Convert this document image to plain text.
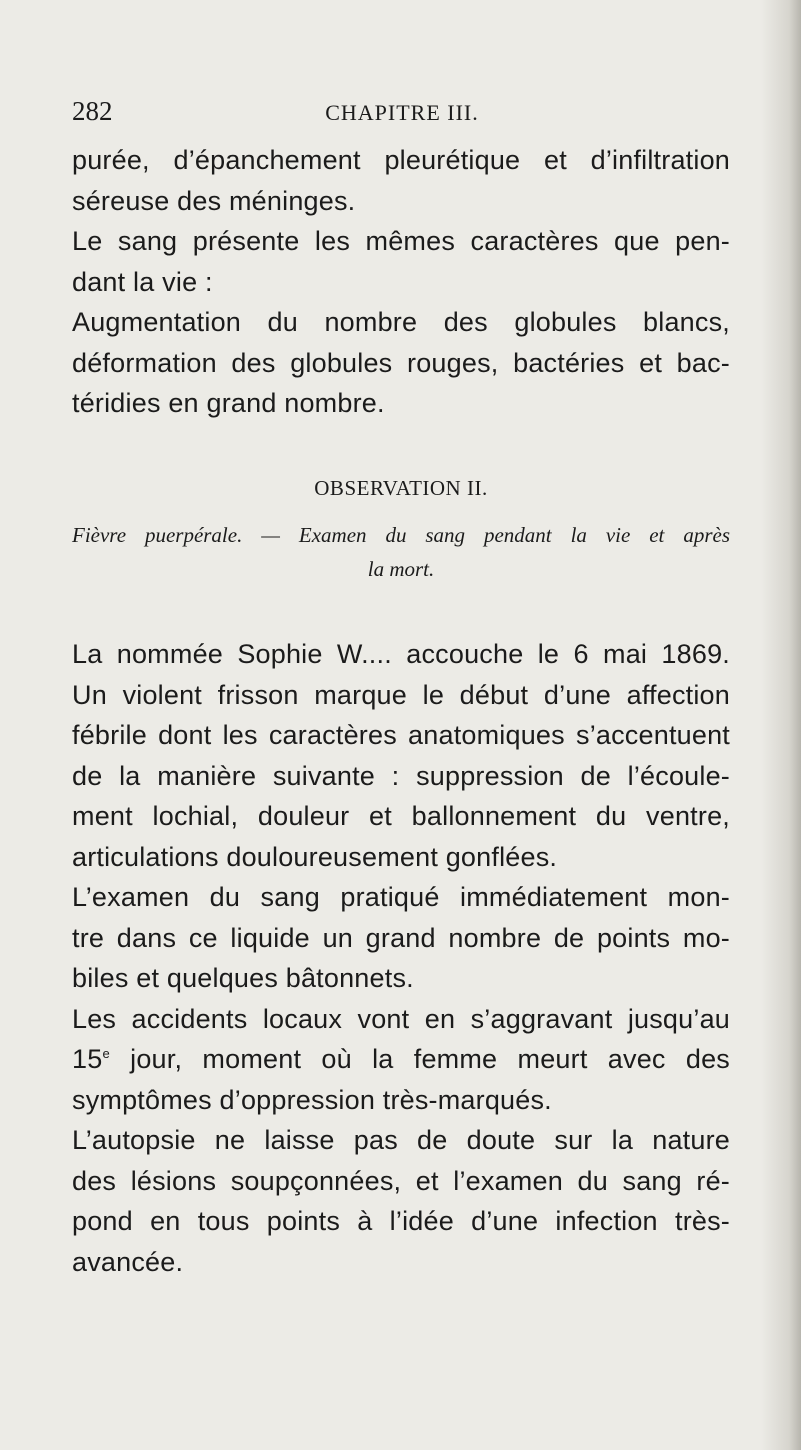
282	CHAPITRE III.
purée, d’épanchement pleurétique et d’infiltration
séreuse des méninges.
Le sang présente les mêmes caractères que pen-
dant la vie :
Augmentation du nombre des globules blancs,
déformation des globules rouges, bactéries et bac-
téridies en grand nombre.
OBSERVATION II.
Fièvre puerpérale. — Examen du sang pendant la vie et après
la mort.
La nommée Sophie W.... accouche le 6 mai 1869.
Un violent frisson marque le début d’une affection
fébrile dont les caractères anatomiques s’accentuent
de la manière suivante : suppression de l’écoule-
ment lochial, douleur et ballonnement du ventre,
articulations douloureusement gonflées.
L’examen du sang pratiqué immédiatement mon-
tre dans ce liquide un grand nombre de points mo-
biles et quelques bâtonnets.
Les accidents locaux vont en s’aggravant jusqu’au
15e jour, moment où la femme meurt avec des
symptômes d’oppression très-marqués.
L’autopsie ne laisse pas de doute sur la nature
des lésions soupçonnées, et l’examen du sang ré-
pond en tous points à l’idée d’une infection très-
avancée.
